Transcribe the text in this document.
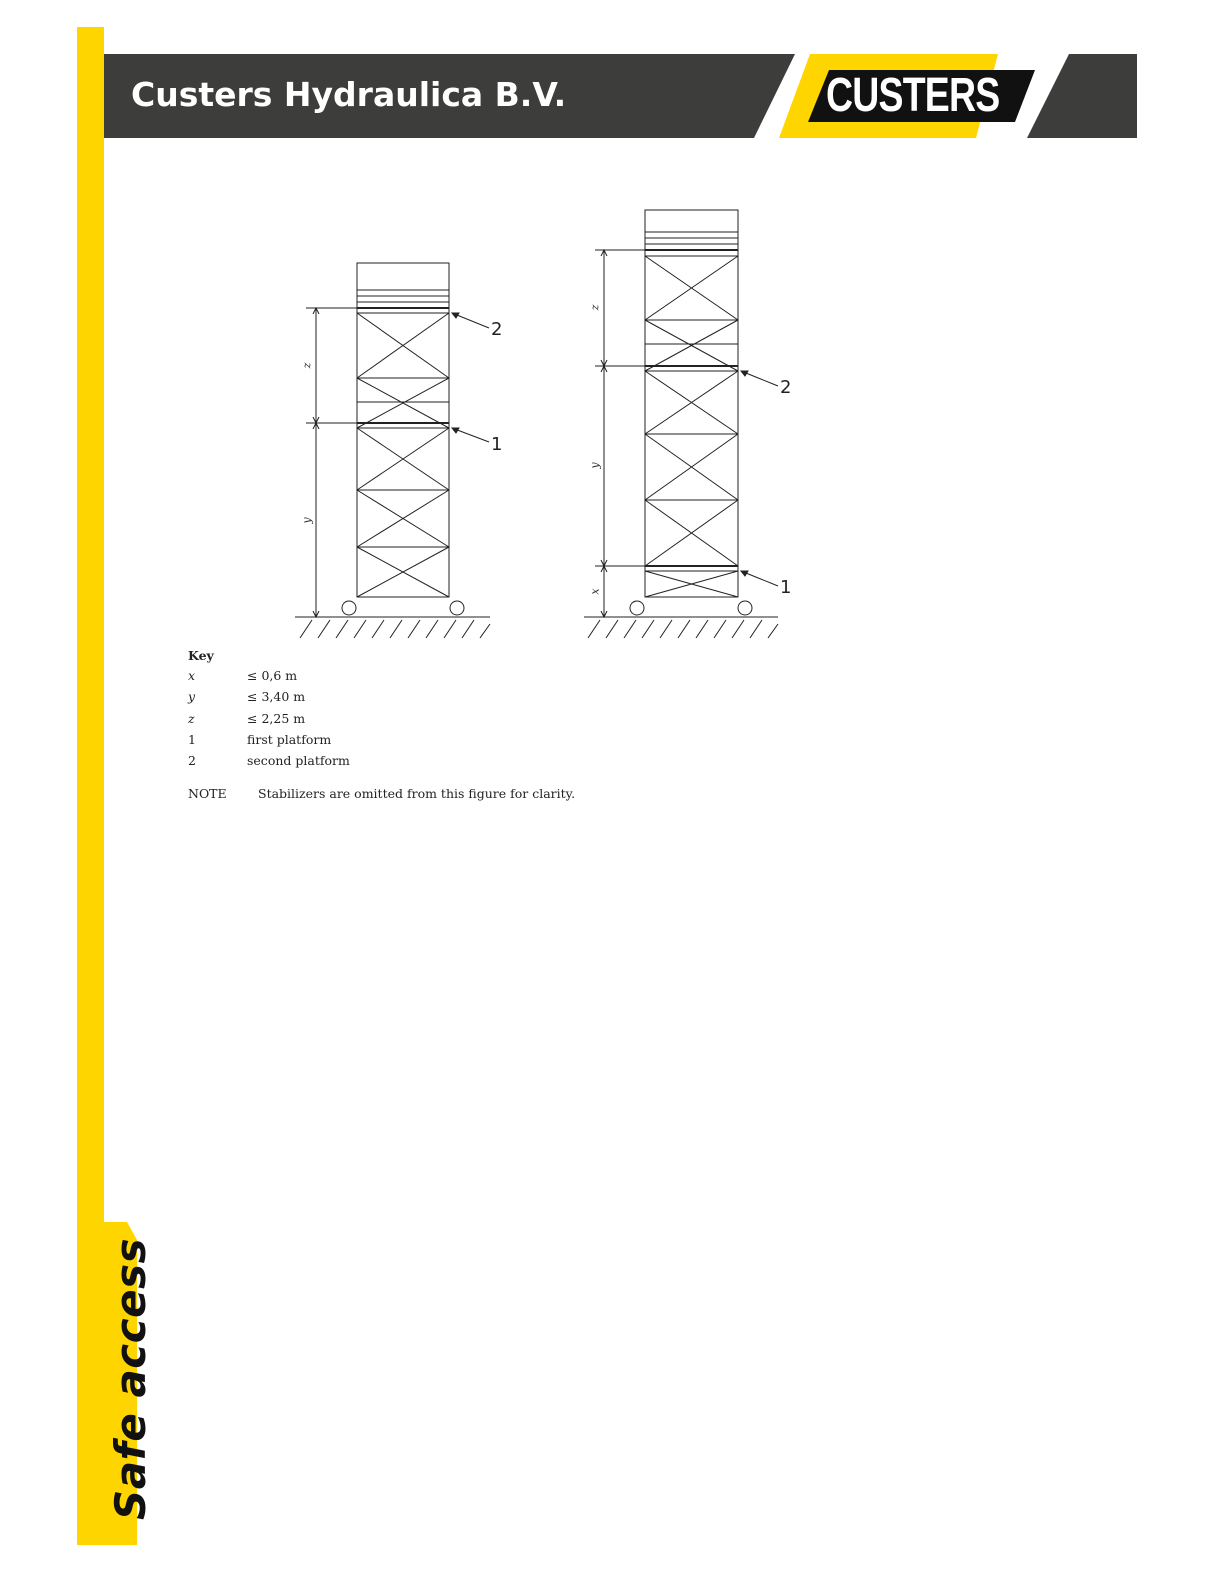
Safe access
Custers Hydraulica B.V.	CUSTERS
2
1
2
1
z
y
z
y
x
Key
x	≤ 0,6 m
y	≤ 3,40 m
z	≤ 2,25 m
1	first platform
2	second platform
NOTE	Stabilizers are omitted from this figure for clarity.
